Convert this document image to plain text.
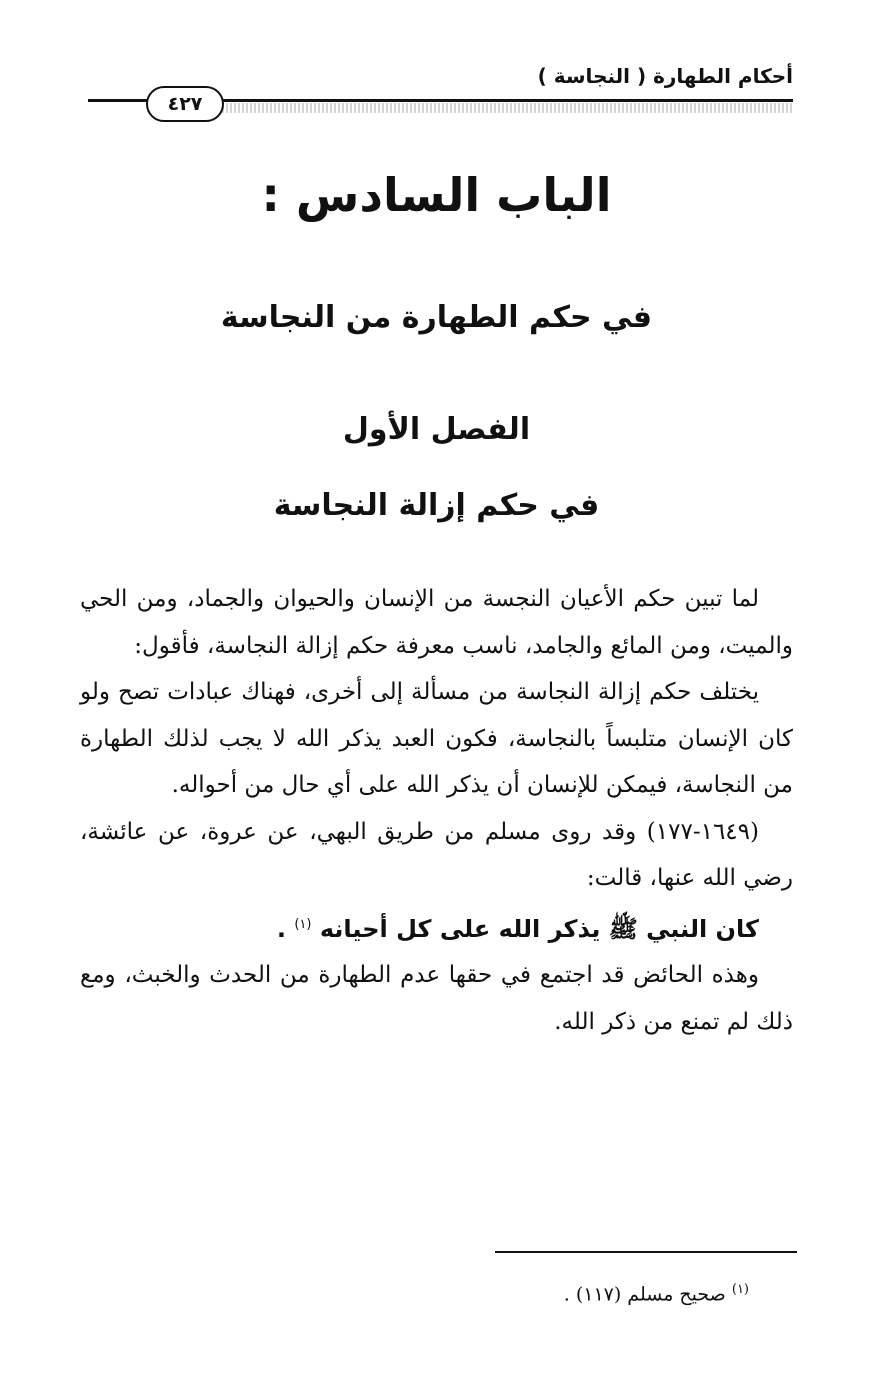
أحكام الطهارة ( النجاسة )
٤٢٧
الباب السادس :
في حكم الطهارة من النجاسة
الفصل الأول
في حكم إزالة النجاسة

لما تبين حكم الأعيان النجسة من الإنسان والحيوان والجماد، ومن الحي والميت، ومن المائع والجامد، ناسب معرفة حكم إزالة النجاسة، فأقول:

يختلف حكم إزالة النجاسة من مسألة إلى أخرى، فهناك عبادات تصح ولو كان الإنسان متلبساً بالنجاسة، فكون العبد يذكر الله لا يجب لذلك الطهارة من النجاسة، فيمكن للإنسان أن يذكر الله على أي حال من أحواله.

(١٦٤٩-١٧٧) وقد روى مسلم من طريق البهي، عن عروة، عن عائشة، رضي الله عنها، قالت:

كان النبي ﷺ يذكر الله على كل أحيانه $^{(١)}$ .

وهذه الحائض قد اجتمع في حقها عدم الطهارة من الحدث والخبث، ومع ذلك لم تمنع من ذكر الله.

$^{(١)}$ صحيح مسلم (١١٧) .
